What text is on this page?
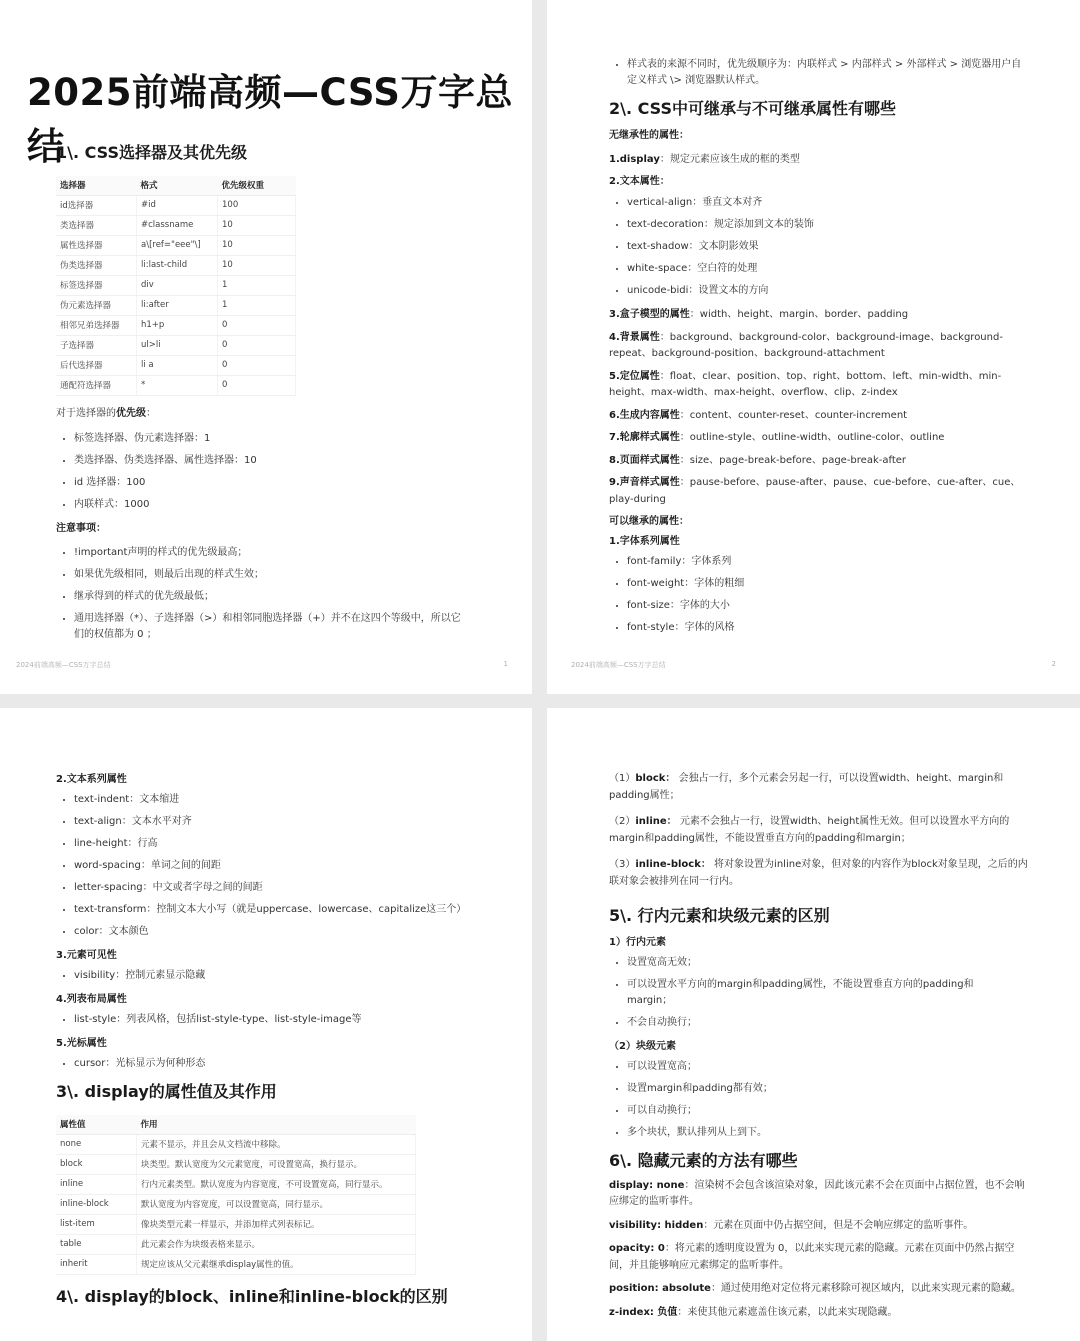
2025前端高频—CSS万字总结
1\. CSS选择器及其优先级
选择器	格式	优先级权重
id选择器	#id	100
类选择器	#classname	10
属性选择器	a\[ref="eee"\]	10
伪类选择器	li:last-child	10
标签选择器	div	1
伪元素选择器	li:after	1
相邻兄弟选择器	h1+p	0
子选择器	ul>li	0
后代选择器	li a	0
通配符选择器	*	0

对于选择器的优先级：

• 标签选择器、伪元素选择器：1
• 类选择器、伪类选择器、属性选择器：10
• id 选择器：100
• 内联样式：1000
注意事项：
• !important声明的样式的优先级最高；
• 如果优先级相同，则最后出现的样式生效；
• 继承得到的样式的优先级最低；
• 通用选择器（*）、子选择器（>）和相邻同胞选择器（+）并不在这四个等级中，所以它们的权值都为 0 ；
2024前端高频—CSS万字总结	1
• 样式表的来源不同时，优先级顺序为：内联样式 > 内部样式 > 外部样式 > 浏览器用户自定义样式 \> 浏览器默认样式。
2\. CSS中可继承与不可继承属性有哪些
无继承性的属性：

1.display：规定元素应该生成的框的类型

2.文本属性：
• vertical-align：垂直文本对齐
• text-decoration：规定添加到文本的装饰
• text-shadow：文本阴影效果
• white-space：空白符的处理
• unicode-bidi：设置文本的方向

3.盒子模型的属性：width、height、margin、border、padding

4.背景属性：background、background-color、background-image、background-repeat、background-position、background-attachment

5.定位属性：float、clear、position、top、right、bottom、left、min-width、min-height、max-width、max-height、overflow、clip、z-index

6.生成内容属性：content、counter-reset、counter-increment

7.轮廓样式属性：outline-style、outline-width、outline-color、outline

8.页面样式属性：size、page-break-before、page-break-after

9.声音样式属性：pause-before、pause-after、pause、cue-before、cue-after、cue、play-during

可以继承的属性：
1.字体系列属性
• font-family：字体系列
• font-weight：字体的粗细
• font-size：字体的大小
• font-style：字体的风格
2024前端高频—CSS万字总结	2
2.文本系列属性
• text-indent：文本缩进
• text-align：文本水平对齐
• line-height：行高
• word-spacing：单词之间的间距
• letter-spacing：中文或者字母之间的间距
• text-transform：控制文本大小写（就是uppercase、lowercase、capitalize这三个）
• color：文本颜色
3.元素可见性
• visibility：控制元素显示隐藏
4.列表布局属性
• list-style：列表风格，包括list-style-type、list-style-image等
5.光标属性
• cursor：光标显示为何种形态
3\. display的属性值及其作用
属性值	作用
none	元素不显示，并且会从文档流中移除。
block	块类型。默认宽度为父元素宽度，可设置宽高，换行显示。
inline	行内元素类型。默认宽度为内容宽度，不可设置宽高，同行显示。
inline-block	默认宽度为内容宽度，可以设置宽高，同行显示。
list-item	像块类型元素一样显示，并添加样式列表标记。
table	此元素会作为块级表格来显示。
inherit	规定应该从父元素继承display属性的值。
4\. display的block、inline和inline-block的区别

（1）block： 会独占一行，多个元素会另起一行，可以设置width、height、margin和padding属性；

（2）inline： 元素不会独占一行，设置width、height属性无效。但可以设置水平方向的margin和padding属性，不能设置垂直方向的padding和margin；

（3）inline-block： 将对象设置为inline对象，但对象的内容作为block对象呈现，之后的内联对象会被排列在同一行内。

5\. 行内元素和块级元素的区别
1）行内元素
• 设置宽高无效；
• 可以设置水平方向的margin和padding属性，不能设置垂直方向的padding和margin；
• 不会自动换行；
（2）块级元素
• 可以设置宽高；
• 设置margin和padding都有效；
• 可以自动换行；
• 多个块状，默认排列从上到下。
6\. 隐藏元素的方法有哪些

display: none：渲染树不会包含该渲染对象，因此该元素不会在页面中占据位置，也不会响应绑定的监听事件。

visibility: hidden：元素在页面中仍占据空间，但是不会响应绑定的监听事件。

opacity: 0：将元素的透明度设置为 0，以此来实现元素的隐藏。元素在页面中仍然占据空间，并且能够响应元素绑定的监听事件。

position: absolute：通过使用绝对定位将元素移除可视区域内，以此来实现元素的隐藏。

z-index: 负值：来使其他元素遮盖住该元素，以此来实现隐藏。
